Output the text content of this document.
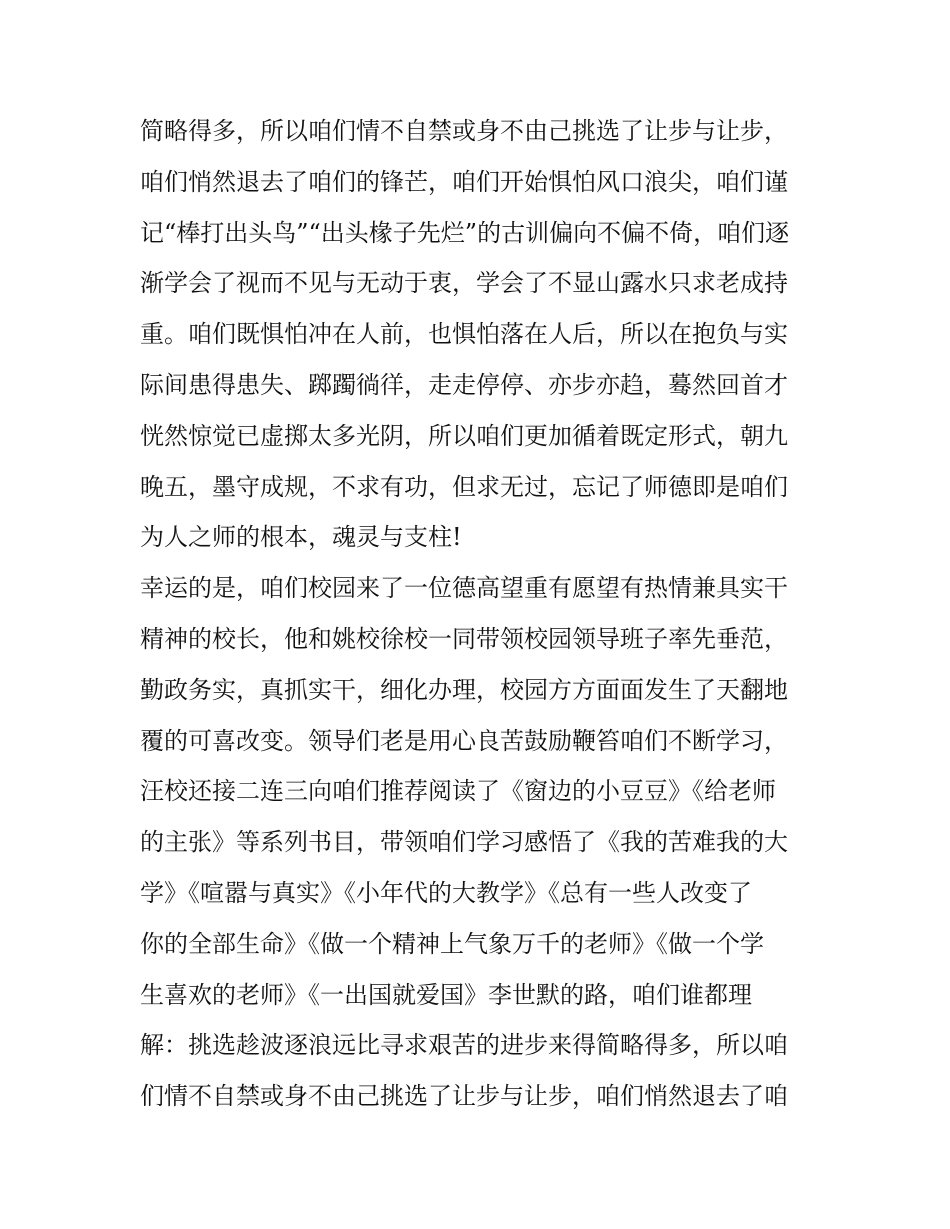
简略得多，所以咱们情不自禁或身不由己挑选了让步与让步，
咱们悄然退去了咱们的锋芒，咱们开始惧怕风口浪尖，咱们谨
记“棒打出头鸟”“出头椽子先烂”的古训偏向不偏不倚，咱们逐
渐学会了视而不见与无动于衷，学会了不显山露水只求老成持
重。咱们既惧怕冲在人前，也惧怕落在人后，所以在抱负与实
际间患得患失、踯躅徜徉，走走停停、亦步亦趋，蓦然回首才
恍然惊觉已虚掷太多光阴，所以咱们更加循着既定形式，朝九
晚五，墨守成规，不求有功，但求无过，忘记了师德即是咱们
为人之师的根本，魂灵与支柱!
幸运的是，咱们校园来了一位德高望重有愿望有热情兼具实干
精神的校长，他和姚校徐校一同带领校园领导班子率先垂范，
勤政务实，真抓实干，细化办理，校园方方面面发生了天翻地
覆的可喜改变。领导们老是用心良苦鼓励鞭笞咱们不断学习，
汪校还接二连三向咱们推荐阅读了《窗边的小豆豆》《给老师
的主张》等系列书目，带领咱们学习感悟了《我的苦难我的大
学》《喧嚣与真实》《小年代的大教学》《总有一些人改变了
你的全部生命》《做一个精神上气象万千的老师》《做一个学
生喜欢的老师》《一出国就爱国》李世默的路，咱们谁都理
解：挑选趁波逐浪远比寻求艰苦的进步来得简略得多，所以咱
们情不自禁或身不由己挑选了让步与让步，咱们悄然退去了咱
